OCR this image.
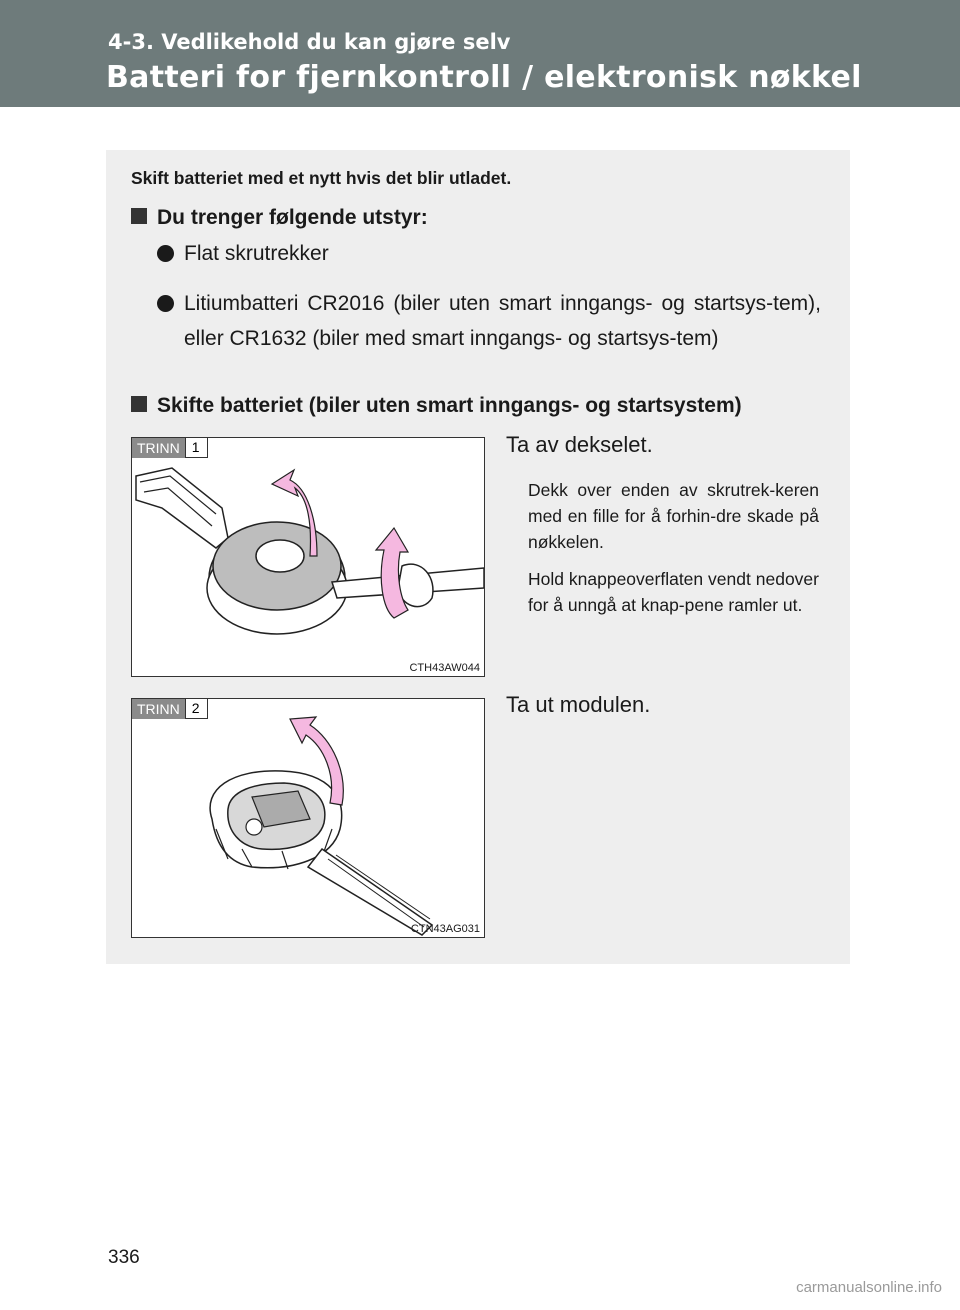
4-3. Vedlikehold du kan gjøre selv
Batteri for fjernkontroll / elektronisk nøkkel
Skift batteriet med et nytt hvis det blir utladet.
Du trenger følgende utstyr:
Flat skrutrekker
Litiumbatteri CR2016 (biler uten smart inngangs- og startsys-tem), eller CR1632 (biler med smart inngangs- og startsys-tem)
Skifte batteriet (biler uten smart inngangs- og startsystem)
TRINN 1
CTH43AW044
Ta av dekselet.
Dekk over enden av skrutrek-keren med en fille for å forhin-dre skade på nøkkelen.
Hold knappeoverflaten vendt nedover for å unngå at knap-pene ramler ut.
TRINN 2
CTN43AG031
Ta ut modulen.
336
carmanualsonline.info
